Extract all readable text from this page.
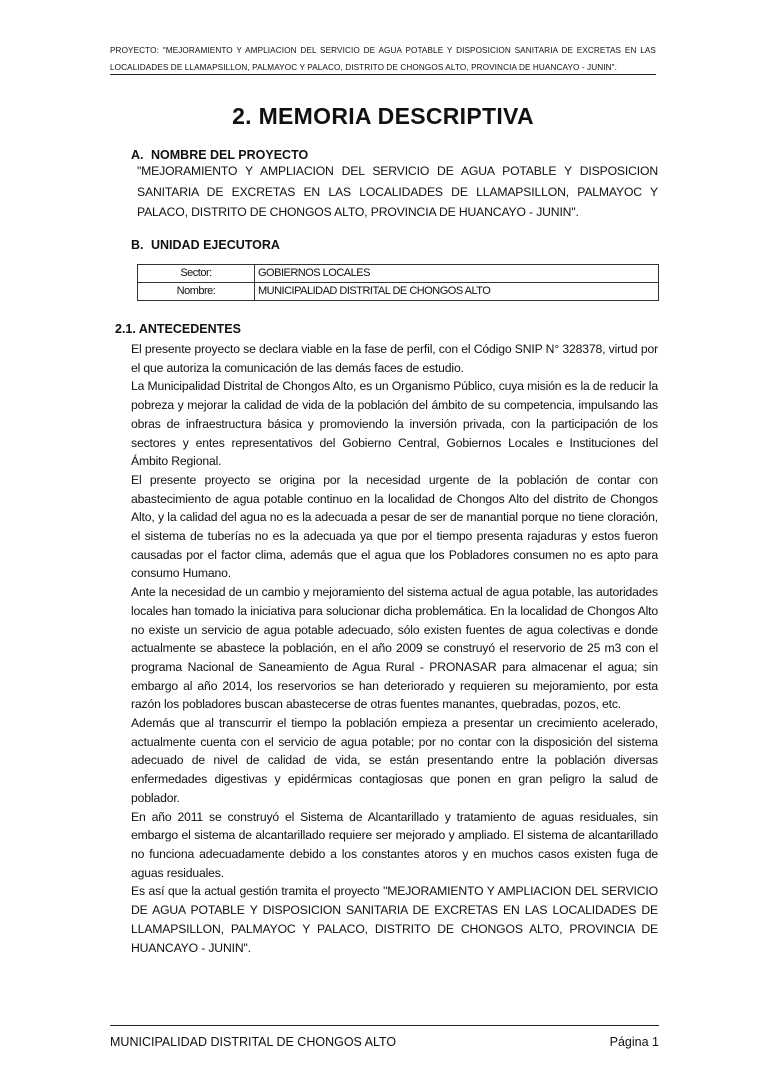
PROYECTO: "MEJORAMIENTO Y AMPLIACION DEL SERVICIO DE AGUA POTABLE Y DISPOSICION SANITARIA DE EXCRETAS EN LAS LOCALIDADES DE LLAMAPSILLON, PALMAYOC Y PALACO, DISTRITO DE CHONGOS ALTO, PROVINCIA DE HUANCAYO - JUNIN".
2. MEMORIA DESCRIPTIVA
A. NOMBRE DEL PROYECTO
"MEJORAMIENTO Y AMPLIACION DEL SERVICIO DE AGUA POTABLE Y DISPOSICION SANITARIA DE EXCRETAS EN LAS LOCALIDADES DE LLAMAPSILLON, PALMAYOC Y PALACO, DISTRITO DE CHONGOS ALTO, PROVINCIA DE HUANCAYO - JUNIN".
B. UNIDAD EJECUTORA
Sector:	GOBIERNOS LOCALES
Nombre:	MUNICIPALIDAD DISTRITAL DE CHONGOS ALTO
2.1. ANTECEDENTES

El presente proyecto se declara viable en la fase de perfil, con el Código SNIP N° 328378, virtud por el que autoriza la comunicación de las demás faces de estudio.

La Municipalidad Distrital de Chongos Alto, es un Organismo Público, cuya misión es la de reducir la pobreza y mejorar la calidad de vida de la población del ámbito de su competencia, impulsando las obras de infraestructura básica y promoviendo la inversión privada, con la participación de los sectores y entes representativos del Gobierno Central, Gobiernos Locales e Instituciones del Ámbito Regional.

El presente proyecto se origina por la necesidad urgente de la población de contar con abastecimiento de agua potable continuo en la localidad de Chongos Alto del distrito de Chongos Alto, y la calidad del agua no es la adecuada a pesar de ser de manantial porque no tiene cloración, el sistema de tuberías no es la adecuada ya que por el tiempo presenta rajaduras y estos fueron causadas por el factor clima, además que el agua que los Pobladores consumen no es apto para consumo Humano.

Ante la necesidad de un cambio y mejoramiento del sistema actual de agua potable, las autoridades locales han tomado la iniciativa para solucionar dicha problemática. En la localidad de Chongos Alto no existe un servicio de agua potable adecuado, sólo existen fuentes de agua colectivas e donde actualmente se abastece la población, en el año 2009 se construyó el reservorio de 25 m3 con el programa Nacional de Saneamiento de Agua Rural - PRONASAR para almacenar el agua; sin embargo al año 2014, los reservorios se han deteriorado y requieren su mejoramiento, por esta razón los pobladores buscan abastecerse de otras fuentes manantes, quebradas, pozos, etc.

Además que al transcurrir el tiempo la población empieza a presentar un crecimiento acelerado, actualmente cuenta con el servicio de agua potable; por no contar con la disposición del sistema adecuado de nivel de calidad de vida, se están presentando entre la población diversas enfermedades digestivas y epidérmicas contagiosas que ponen en gran peligro la salud de poblador.

En año 2011 se construyó el Sistema de Alcantarillado y tratamiento de aguas residuales, sin embargo el sistema de alcantarillado requiere ser mejorado y ampliado. El sistema de alcantarillado no funciona adecuadamente debido a los constantes atoros y en muchos casos existen fuga de aguas residuales.

Es así que la actual gestión tramita el proyecto "MEJORAMIENTO Y AMPLIACION DEL SERVICIO DE AGUA POTABLE Y DISPOSICION SANITARIA DE EXCRETAS EN LAS LOCALIDADES DE LLAMAPSILLON, PALMAYOC Y PALACO, DISTRITO DE CHONGOS ALTO, PROVINCIA DE HUANCAYO - JUNIN".

MUNICIPALIDAD DISTRITAL DE CHONGOS ALTO	Página 1
